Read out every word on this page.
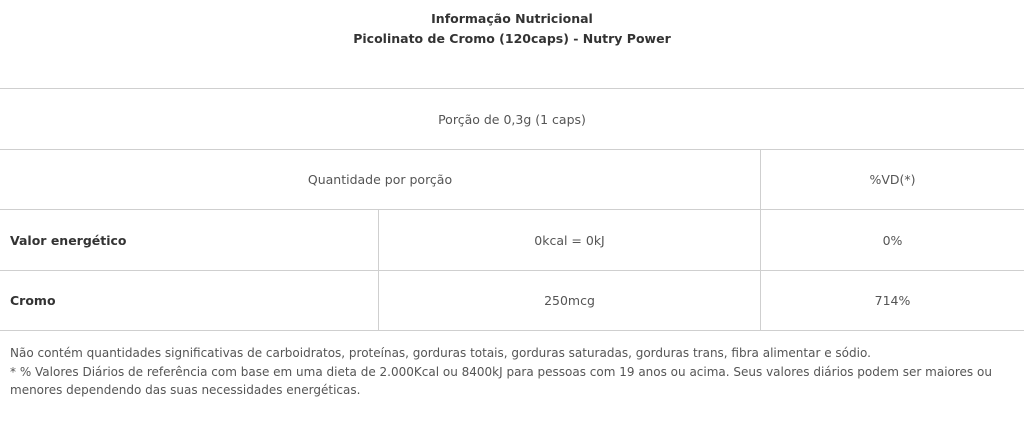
Informação Nutricional
Picolinato de Cromo (120caps) - Nutry Power
Porção de 0,3g (1 caps)
Quantidade por porção	%VD(*)
Valor energético	0kcal = 0kJ	0%
Cromo	250mcg	714%

Não contém quantidades significativas de carboidratos, proteínas, gorduras totais, gorduras saturadas, gorduras trans, fibra alimentar e sódio.

* % Valores Diários de referência com base em uma dieta de 2.000Kcal ou 8400kJ para pessoas com 19 anos ou acima. Seus valores diários podem ser maiores ou menores dependendo das suas necessidades energéticas.
